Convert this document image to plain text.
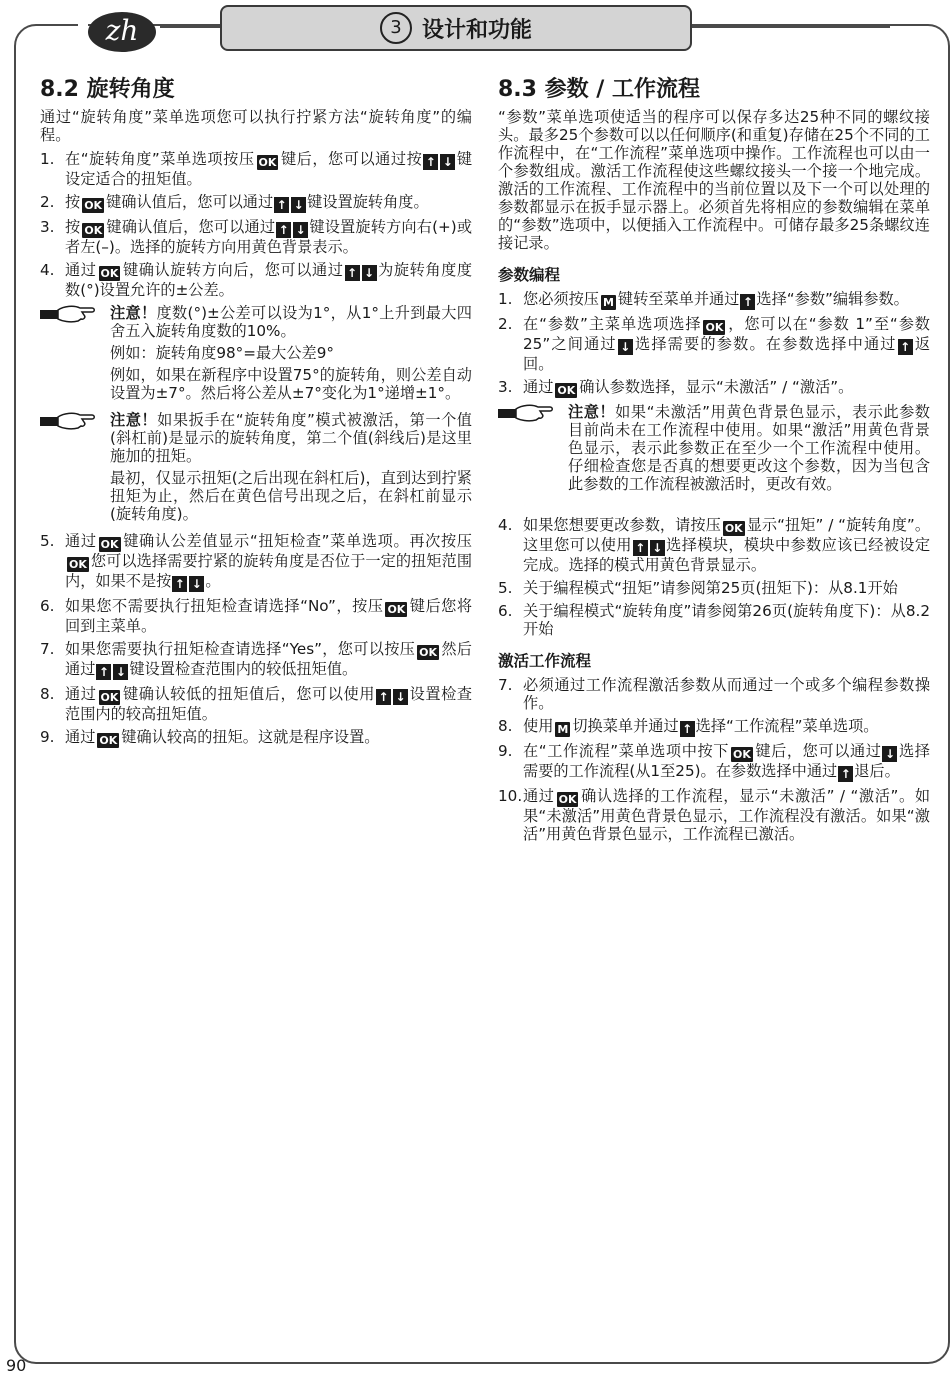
zh	3 设计和功能
8.2 旋转角度

通过“旋转角度”菜单选项您可以执行拧紧方法“旋转角度”的编程。

1. 在“旋转角度”菜单选项按压 OK 键后，您可以通过按 ↑ ↓ 键设定适合的扭矩值。
2. 按 OK 键确认值后，您可以通过 ↑ ↓ 键设置旋转角度。
3. 按 OK 键确认值后，您可以通过 ↑ ↓ 键设置旋转方向右(+)或者左(–)。选择的旋转方向用黄色背景表示。
4. 通过 OK 键确认旋转方向后，您可以通过 ↑ ↓ 为旋转角度度数(°)设置允许的±公差。

注意！度数(°)±公差可以设为1°，从1°上升到最大四舍五入旋转角度数的10%。

例如：旋转角度98°=最大公差9°

例如，如果在新程序中设置75°的旋转角，则公差自动设置为±7°。然后将公差从±7°变化为1°递增±1°。

注意！如果扳手在“旋转角度”模式被激活，第一个值(斜杠前)是显示的旋转角度，第二个值(斜线后)是这里施加的扭矩。

最初，仅显示扭矩(之后出现在斜杠后)，直到达到拧紧扭矩为止，然后在黄色信号出现之后，在斜杠前显示(旋转角度)。

5. 通过 OK 键确认公差值显示“扭矩检查”菜单选项。再次按压OK 您可以选择需要拧紧的旋转角度是否位于一定的扭矩范围内，如果不是按 ↑ ↓ 。
6. 如果您不需要执行扭矩检查请选择“No”，按压 OK 键后您将回到主菜单。
7. 如果您需要执行扭矩检查请选择“Yes”，您可以按压 OK 然后通过 ↑ ↓ 键设置检查范围内的较低扭矩值。
8. 通过 OK 键确认较低的扭矩值后，您可以使用 ↑ ↓ 设置检查范围内的较高扭矩值。
9. 通过 OK 键确认较高的扭矩。这就是程序设置。
8.3 参数 / 工作流程

“参数”菜单选项使适当的程序可以保存多达25种不同的螺纹接头。最多25个参数可以以任何顺序(和重复)存储在25个不同的工作流程中，在“工作流程”菜单选项中操作。工作流程也可以由一个参数组成。激活工作流程使这些螺纹接头一个接一个地完成。激活的工作流程、工作流程中的当前位置以及下一个可以处理的参数都显示在扳手显示器上。必须首先将相应的参数编辑在菜单的“参数”选项中，以便插入工作流程中。可储存最多25条螺纹连接记录。

参数编程
1. 您必须按压 M 键转至菜单并通过 ↑ 选择“参数”编辑参数。
2. 在“参数”主菜单选项选择 OK ，您可以在“参数 1”至“参数 25”之间通过 ↓ 选择需要的参数。在参数选择中通过 ↑ 返回。
3. 通过 OK 确认参数选择，显示“未激活” / “激活”。

注意！如果“未激活”用黄色背景色显示，表示此参数目前尚未在工作流程中使用。如果“激活”用黄色背景色显示，表示此参数正在至少一个工作流程中使用。仔细检查您是否真的想要更改这个参数，因为当包含此参数的工作流程被激活时，更改有效。

4. 如果您想要更改参数，请按压 OK 显示“扭矩” / “旋转角度”。这里您可以使用 ↑ ↓ 选择模块，模块中参数应该已经被设定完成。选择的模式用黄色背景显示。
5. 关于编程模式“扭矩”请参阅第25页(扭矩下)：从8.1开始
6. 关于编程模式“旋转角度”请参阅第26页(旋转角度下)：从8.2开始
激活工作流程
7. 必须通过工作流程激活参数从而通过一个或多个编程参数操作。
8. 使用 M 切换菜单并通过 ↑ 选择“工作流程”菜单选项。
9. 在“工作流程”菜单选项中按下 OK 键后，您可以通过 ↓ 选择需要的工作流程(从1至25)。在参数选择中通过 ↑ 退后。
10. 通过 OK 确认选择的工作流程，显示“未激活” / “激活”。如果“未激活”用黄色背景色显示，工作流程没有激活。如果“激活”用黄色背景色显示，工作流程已激活。
90
